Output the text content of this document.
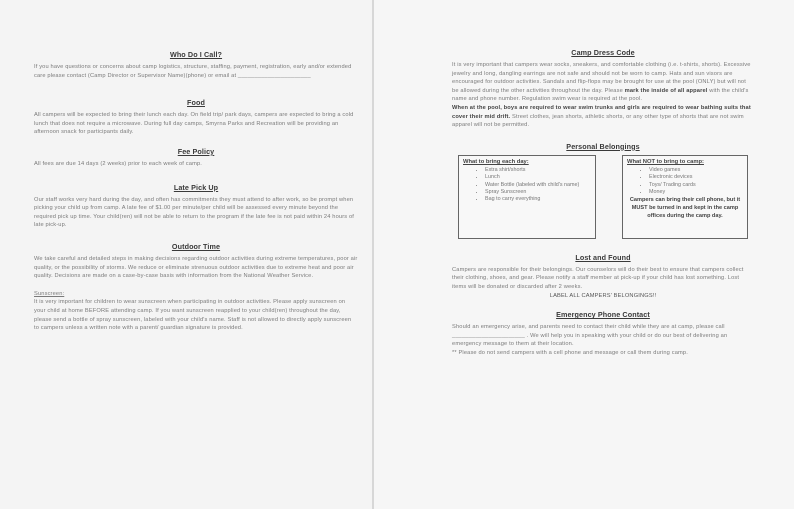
Who Do I Call?

If you have questions or concerns about camp logistics, structure, staffing, payment, registration, early and/or extended care please contact (Camp Director or Supervisor Name)(phone) or email at ______________________

Food

All campers will be expected to bring their lunch each day. On field trip/ park days, campers are expected to bring a cold lunch that does not require a microwave. During full day camps, Smyrna Parks and Recreation will be providing an afternoon snack for participants daily.

Fee Policy

All fees are due 14 days (2 weeks) prior to each week of camp.

Late Pick Up

Our staff works very hard during the day, and often has commitments they must attend to after work, so be prompt when picking your child up from camp. A late fee of $1.00 per minute/per child will be assessed every minute beyond the required pick up time. Your child(ren) will not be able to return to the program if the late fee is not paid within 24 hours of late pick-up.

Outdoor Time

We take careful and detailed steps in making decisions regarding outdoor activities during extreme temperatures, poor air quality, or the possibility of storms. We reduce or eliminate strenuous outdoor activities due to extreme heat and poor air quality. Decisions are made on a case-by-case basis with information from the National Weather Service.

Sunscreen:

It is very important for children to wear sunscreen when participating in outdoor activities. Please apply sunscreen on your child at home BEFORE attending camp. If you want sunscreen reapplied to your child(ren) throughout the day, please send a bottle of spray sunscreen, labeled with your child's name. Staff is not allowed to directly apply sunscreen to campers unless a written note with a parent/ guardian signature is provided.

Camp Dress Code

It is very important that campers wear socks, sneakers, and comfortable clothing (i.e. t-shirts, shorts). Excessive jewelry and long, dangling earrings are not safe and should not be worn to camp. Hats and sun visors are encouraged for outdoor activities. Sandals and flip-flops may be brought for use at the pool (ONLY) but will not be allowed during the other activities throughout the day. Please mark the inside of all apparel with the child's name and phone number. Regulation swim wear is required at the pool.
When at the pool, boys are required to wear swim trunks and girls are required to wear bathing suits that cover their mid drift. Street clothes, jean shorts, athletic shorts, or any other type of shorts that are not swim apparel will not be permitted.

Personal Belongings
What to bring each day:
• Extra shirt/shorts
• Lunch
• Water Bottle (labeled with child's name)
• Spray Sunscreen
• Bag to carry everything
What NOT to bring to camp:
• Video games
• Electronic devices
• Toys/ Trading cards
• Money
Campers can bring their cell phone, but it MUST be turned in and kept in the camp offices during the camp day.
Lost and Found

Campers are responsible for their belongings. Our counselors will do their best to ensure that campers collect their clothing, shoes, and gear. Please notify a staff member at pick-up if your child has lost something. Lost items will be donated or discarded after 2 weeks.

LABEL ALL CAMPERS' BELONGINGS!!

Emergency Phone Contact

Should an emergency arise, and parents need to contact their child while they are at camp, please call ______________________ . We will help you in speaking with your child or do our best of delivering an emergency message to them at their location.

** Please do not send campers with a cell phone and message or call them during camp.
